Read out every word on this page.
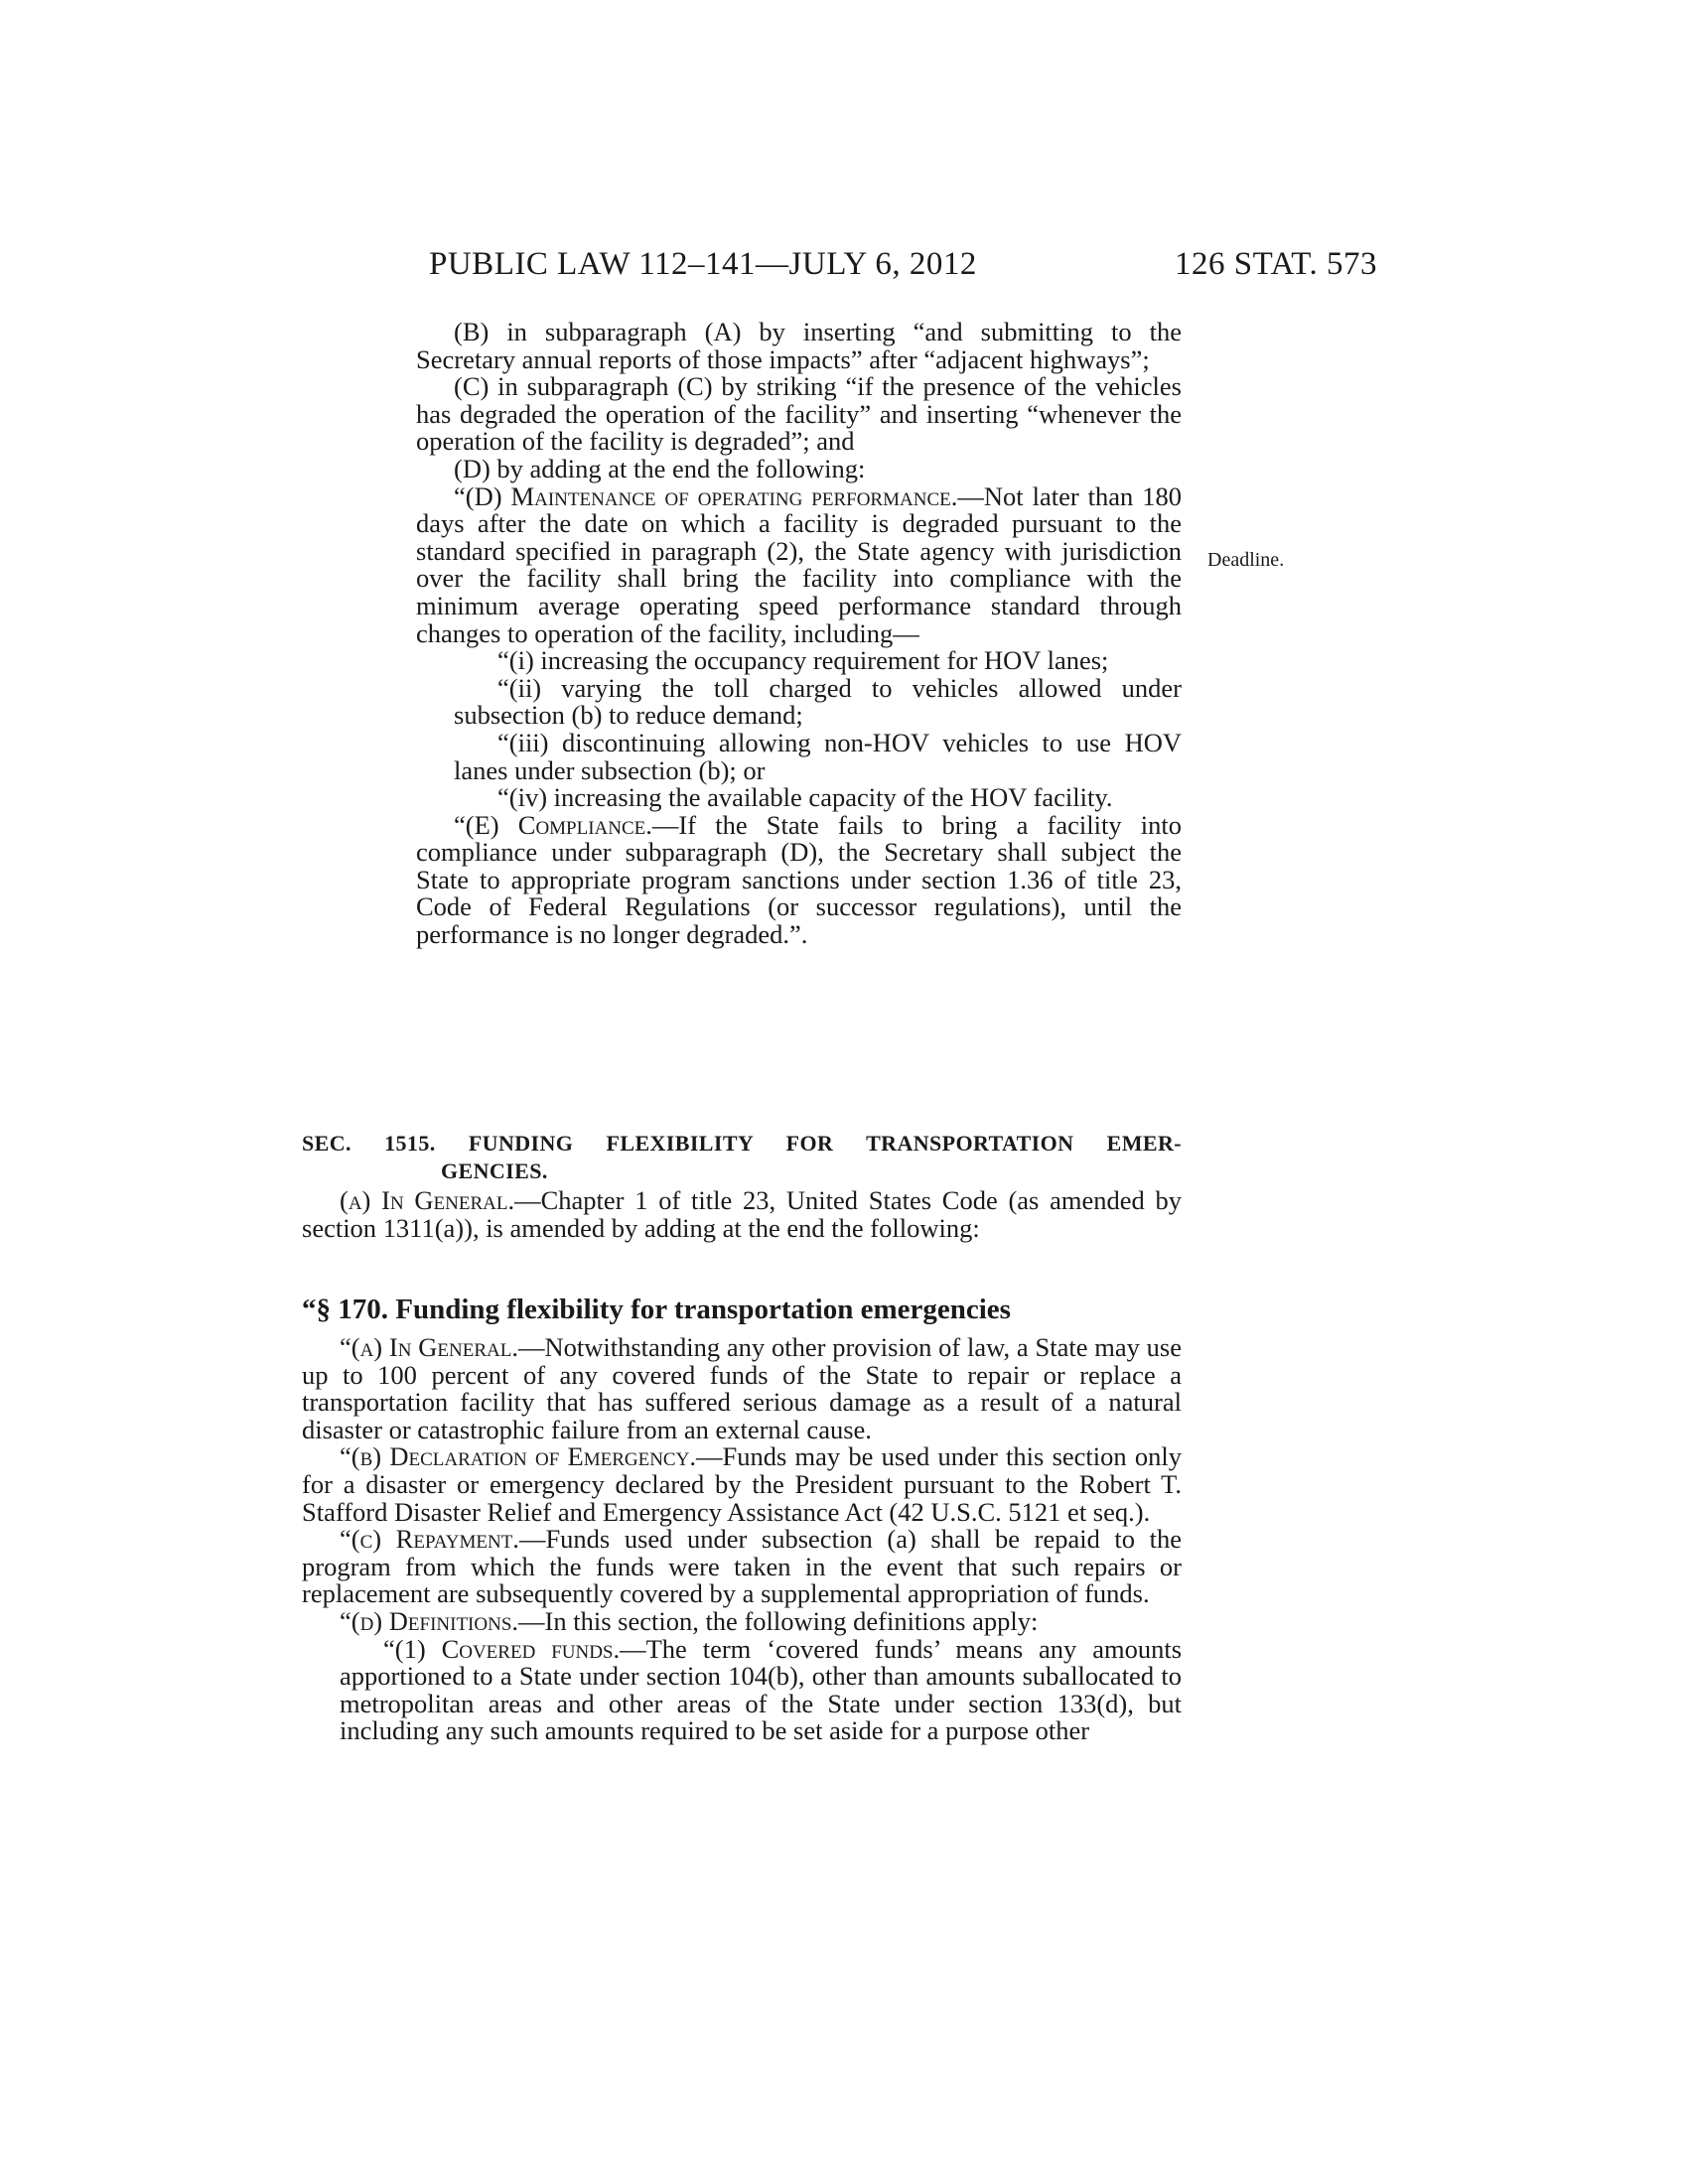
PUBLIC LAW 112–141—JULY 6, 2012	126 STAT. 573
Deadline.

(B) in subparagraph (A) by inserting “and submitting to the Secretary annual reports of those impacts” after “adjacent highways”;

(C) in subparagraph (C) by striking “if the presence of the vehicles has degraded the operation of the facility” and inserting “whenever the operation of the facility is degraded”; and

(D) by adding at the end the following:

“(D) Maintenance of operating performance.—Not later than 180 days after the date on which a facility is degraded pursuant to the standard specified in paragraph (2), the State agency with jurisdiction over the facility shall bring the facility into compliance with the minimum average operating speed performance standard through changes to operation of the facility, including—

“(i) increasing the occupancy requirement for HOV lanes;

“(ii) varying the toll charged to vehicles allowed under subsection (b) to reduce demand;

“(iii) discontinuing allowing non-HOV vehicles to use HOV lanes under subsection (b); or

“(iv) increasing the available capacity of the HOV facility.

“(E) Compliance.—If the State fails to bring a facility into compliance under subparagraph (D), the Secretary shall subject the State to appropriate program sanctions under section 1.36 of title 23, Code of Federal Regulations (or successor regulations), until the performance is no longer degraded.”.

SEC. 1515. FUNDING FLEXIBILITY FOR TRANSPORTATION EMER-
GENCIES.

(a) In General.—Chapter 1 of title 23, United States Code (as amended by section 1311(a)), is amended by adding at the end the following:

“§ 170. Funding flexibility for transportation emergencies

“(a) In General.—Notwithstanding any other provision of law, a State may use up to 100 percent of any covered funds of the State to repair or replace a transportation facility that has suffered serious damage as a result of a natural disaster or catastrophic failure from an external cause.

“(b) Declaration of Emergency.—Funds may be used under this section only for a disaster or emergency declared by the President pursuant to the Robert T. Stafford Disaster Relief and Emergency Assistance Act (42 U.S.C. 5121 et seq.).

“(c) Repayment.—Funds used under subsection (a) shall be repaid to the program from which the funds were taken in the event that such repairs or replacement are subsequently covered by a supplemental appropriation of funds.

“(d) Definitions.—In this section, the following definitions apply:

“(1) Covered funds.—The term ‘covered funds’ means any amounts apportioned to a State under section 104(b), other than amounts suballocated to metropolitan areas and other areas of the State under section 133(d), but including any such amounts required to be set aside for a purpose other
